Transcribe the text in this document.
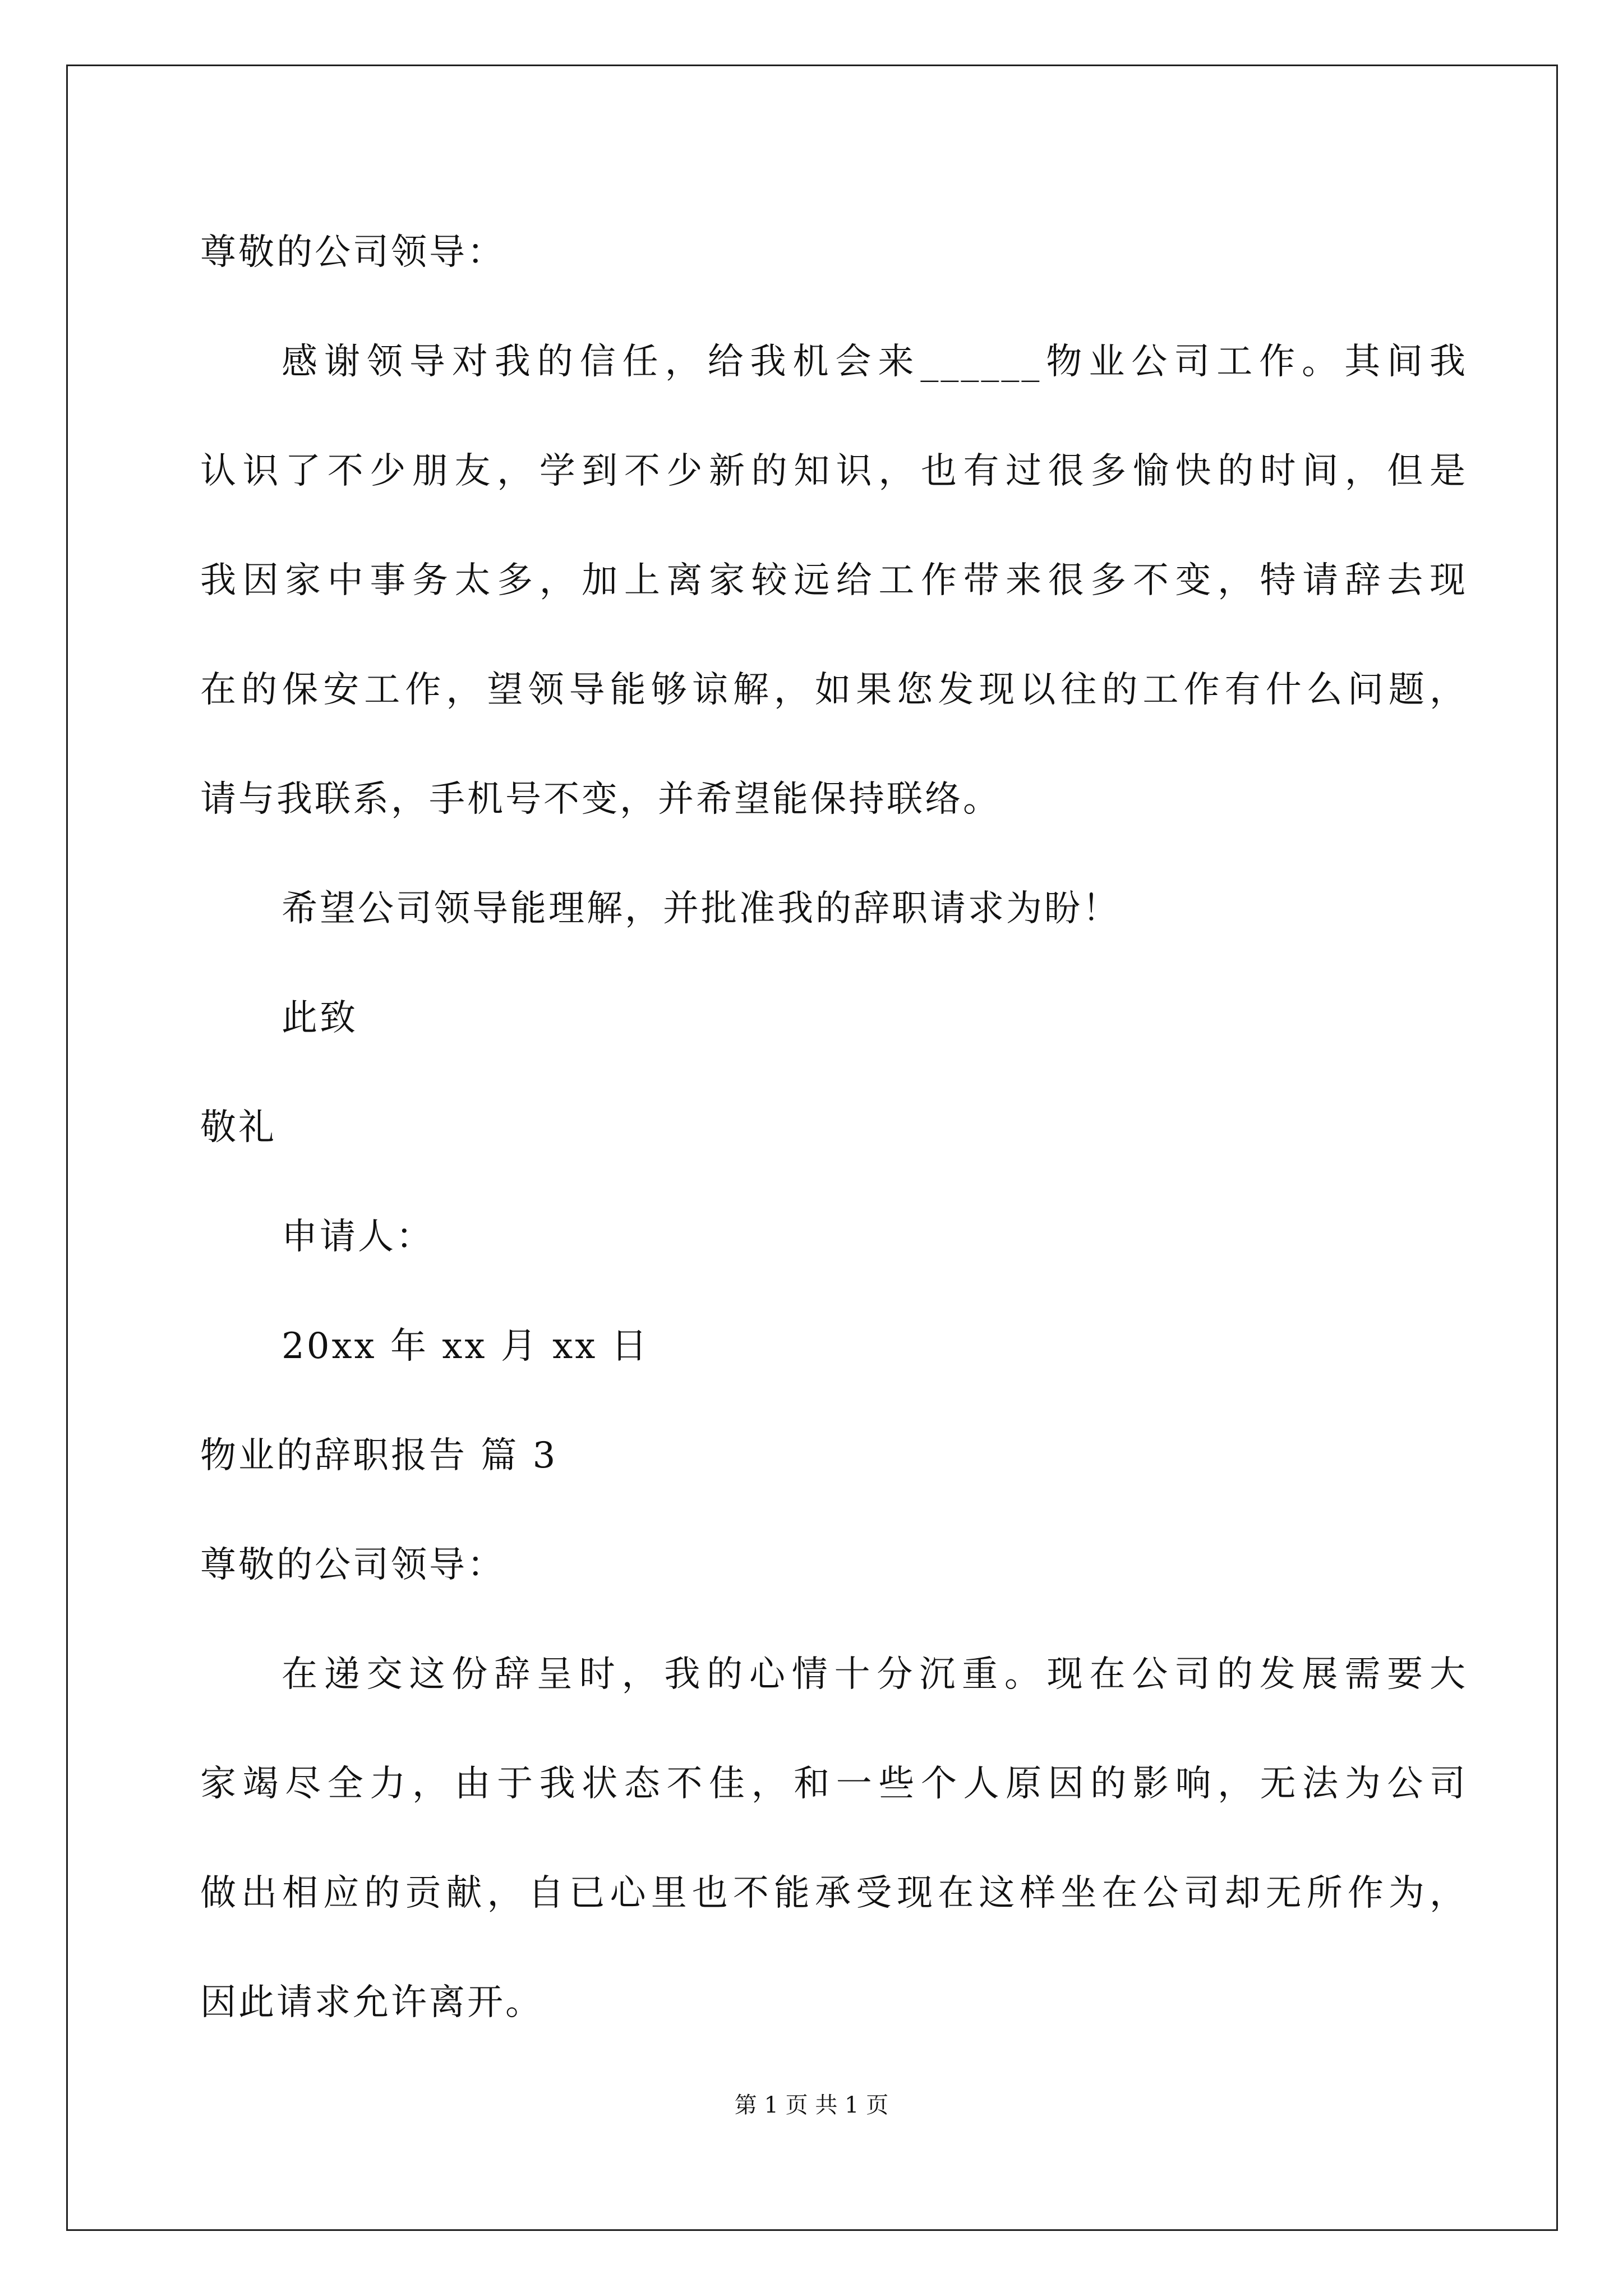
尊敬的公司领导：
感谢领导对我的信任，给我机会来______物业公司工作。其间我
认识了不少朋友，学到不少新的知识，也有过很多愉快的时间，但是
我因家中事务太多，加上离家较远给工作带来很多不变，特请辞去现
在的保安工作，望领导能够谅解，如果您发现以往的工作有什么问题，
请与我联系，手机号不变，并希望能保持联络。
希望公司领导能理解，并批准我的辞职请求为盼！
此致
敬礼
申请人：
20xx 年 xx 月 xx 日
物业的辞职报告 篇 3
尊敬的公司领导：
在递交这份辞呈时，我的心情十分沉重。现在公司的发展需要大
家竭尽全力，由于我状态不佳，和一些个人原因的影响，无法为公司
做出相应的贡献，自已心里也不能承受现在这样坐在公司却无所作为，
因此请求允许离开。
第 1 页 共 1 页
